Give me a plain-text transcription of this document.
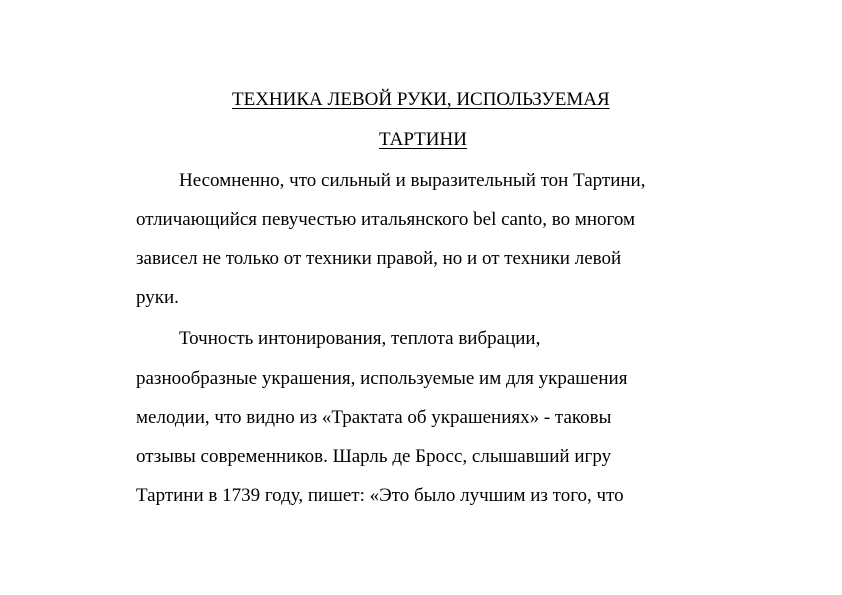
ТЕХНИКА ЛЕВОЙ РУКИ, ИСПОЛЬЗУЕМАЯ
ТАРТИНИ
Несомненно, что сильный и выразительный тон Тартини,
отличающийся певучестью итальянского bel canto, во многом
зависел не только от техники правой, но и от техники левой
руки.
Точность интонирования, теплота вибрации,
разнообразные украшения, используемые им для украшения
мелодии, что видно из «Трактата об украшениях» - таковы
отзывы современников. Шарль де Бросс, слышавший игру
Тартини в 1739 году, пишет: «Это было лучшим из того, что
